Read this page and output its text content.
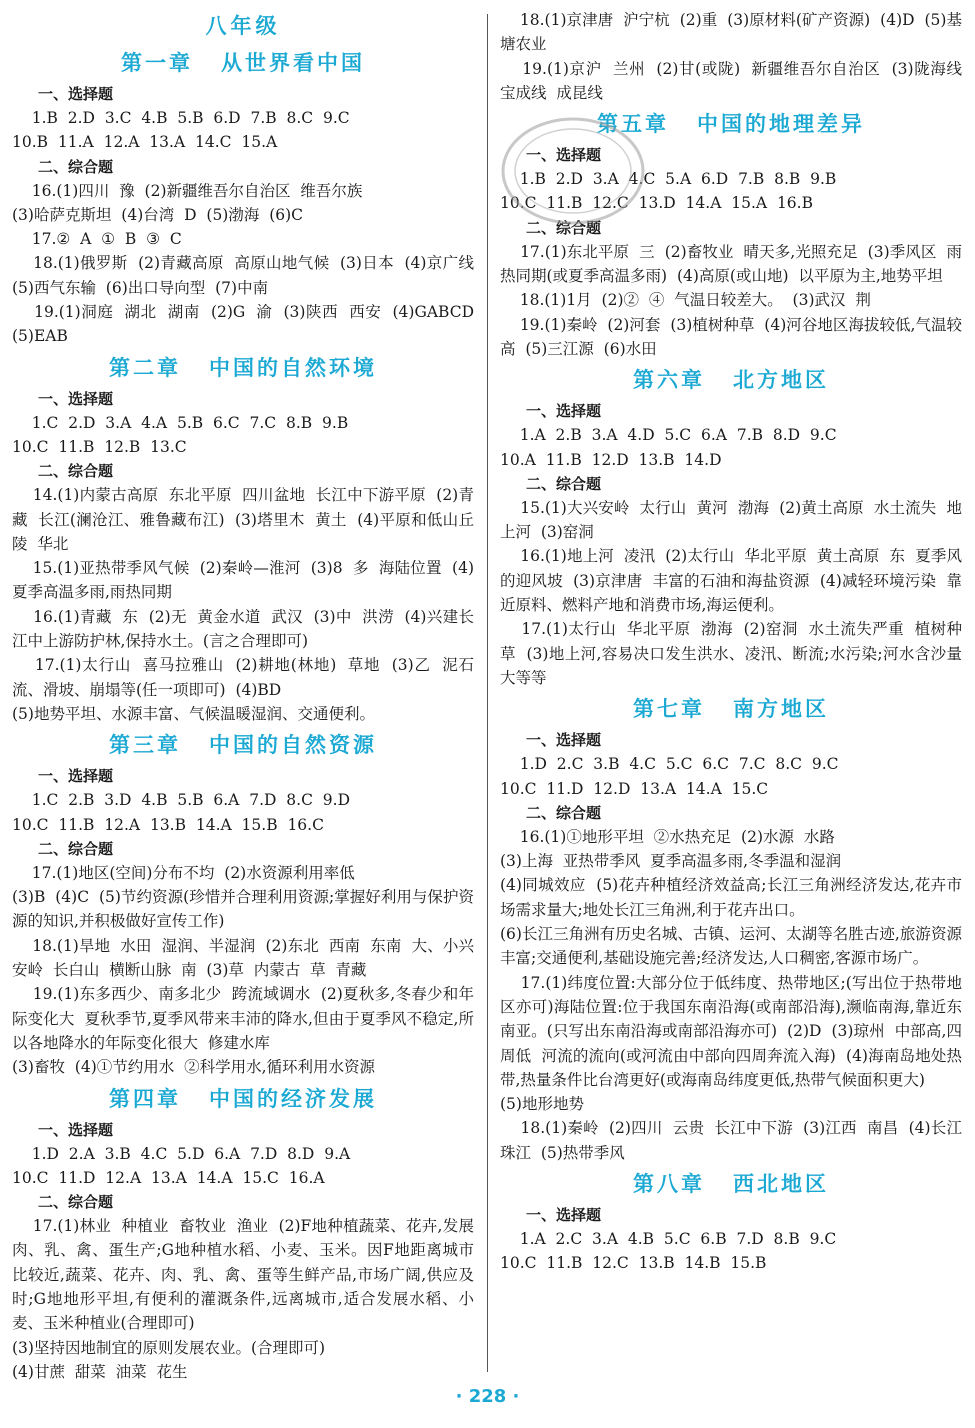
八年级
第一章 从世界看中国
一、选择题
1.B  2.D  3.C  4.B  5.B  6.D  7.B  8.C  9.C
10.B  11.A  12.A  13.A  14.C  15.A
二、综合题
16.(1)四川  豫  (2)新疆维吾尔自治区  维吾尔族
(3)哈萨克斯坦  (4)台湾  D  (5)渤海  (6)C
17.②  A  ①  B  ③  C
18.(1)俄罗斯  (2)青藏高原  高原山地气候  (3)日本  (4)京广线  (5)西气东输  (6)出口导向型  (7)中南
19.(1)洞庭  湖北  湖南  (2)G  渝  (3)陕西  西安  (4)GABCD  (5)EAB
第二章 中国的自然环境
一、选择题
1.C  2.D  3.A  4.A  5.B  6.C  7.C  8.B  9.B
10.C  11.B  12.B  13.C
二、综合题
14.(1)内蒙古高原  东北平原  四川盆地  长江中下游平原  (2)青藏  长江(澜沧江、雅鲁藏布江)  (3)塔里木  黄土  (4)平原和低山丘陵  华北
15.(1)亚热带季风气候  (2)秦岭—淮河  (3)8  多  海陆位置  (4)夏季高温多雨,雨热同期
16.(1)青藏  东  (2)无  黄金水道  武汉  (3)中  洪涝  (4)兴建长江中上游防护林,保持水土。(言之合理即可)
17.(1)太行山  喜马拉雅山  (2)耕地(林地)  草地  (3)乙  泥石流、滑坡、崩塌等(任一项即可)  (4)BD
(5)地势平坦、水源丰富、气候温暖湿润、交通便利。
第三章 中国的自然资源
一、选择题
1.C  2.B  3.D  4.B  5.B  6.A  7.D  8.C  9.D
10.C  11.B  12.A  13.B  14.A  15.B  16.C
二、综合题
17.(1)地区(空间)分布不均  (2)水资源利用率低
(3)B  (4)C  (5)节约资源(珍惜并合理利用资源;掌握好利用与保护资源的知识,并积极做好宣传工作)
18.(1)旱地  水田  湿润、半湿润  (2)东北  西南  东南  大、小兴安岭  长白山  横断山脉  南  (3)草  内蒙古  草  青藏
19.(1)东多西少、南多北少  跨流域调水  (2)夏秋多,冬春少和年际变化大  夏秋季节,夏季风带来丰沛的降水,但由于夏季风不稳定,所以各地降水的年际变化很大  修建水库
(3)畜牧  (4)①节约用水  ②科学用水,循环利用水资源
第四章 中国的经济发展
一、选择题
1.D  2.A  3.B  4.C  5.D  6.A  7.D  8.D  9.A
10.C  11.D  12.A  13.A  14.A  15.C  16.A
二、综合题
17.(1)林业  种植业  畜牧业  渔业  (2)F地种植蔬菜、花卉,发展肉、乳、禽、蛋生产;G地种植水稻、小麦、玉米。因F地距离城市比较近,蔬菜、花卉、肉、乳、禽、蛋等生鲜产品,市场广阔,供应及时;G地地形平坦,有便利的灌溉条件,远离城市,适合发展水稻、小麦、玉米种植业(合理即可)
(3)坚持因地制宜的原则发展农业。(合理即可)
(4)甘蔗  甜菜  油菜  花生
18.(1)京津唐  沪宁杭  (2)重  (3)原材料(矿产资源)  (4)D  (5)基塘农业
19.(1)京沪  兰州  (2)甘(或陇)  新疆维吾尔自治区  (3)陇海线  宝成线  成昆线
第五章 中国的地理差异
一、选择题
1.B  2.D  3.A  4.C  5.A  6.D  7.B  8.B  9.B
10.C  11.B  12.C  13.D  14.A  15.A  16.B
二、综合题
17.(1)东北平原  三  (2)畜牧业  晴天多,光照充足  (3)季风区  雨热同期(或夏季高温多雨)  (4)高原(或山地)  以平原为主,地势平坦
18.(1)1月  (2)②  ④  气温日较差大。  (3)武汉  荆
19.(1)秦岭  (2)河套  (3)植树种草  (4)河谷地区海拔较低,气温较高  (5)三江源  (6)水田
第六章 北方地区
一、选择题
1.A  2.B  3.A  4.D  5.C  6.A  7.B  8.D  9.C
10.A  11.B  12.D  13.B  14.D
二、综合题
15.(1)大兴安岭  太行山  黄河  渤海  (2)黄土高原  水土流失  地上河  (3)窑洞
16.(1)地上河  凌汛  (2)太行山  华北平原  黄土高原  东  夏季风的迎风坡  (3)京津唐  丰富的石油和海盐资源  (4)减轻环境污染  靠近原料、燃料产地和消费市场,海运便利。
17.(1)太行山  华北平原  渤海  (2)窑洞  水土流失严重  植树种草  (3)地上河,容易决口发生洪水、凌汛、断流;水污染;河水含沙量大等等
第七章 南方地区
一、选择题
1.D  2.C  3.B  4.C  5.C  6.C  7.C  8.C  9.C
10.C  11.D  12.D  13.A  14.A  15.C
二、综合题
16.(1)①地形平坦  ②水热充足  (2)水源  水路
(3)上海  亚热带季风  夏季高温多雨,冬季温和湿润
(4)同城效应  (5)花卉种植经济效益高;长江三角洲经济发达,花卉市场需求量大;地处长江三角洲,利于花卉出口。
(6)长江三角洲有历史名城、古镇、运河、太湖等名胜古迹,旅游资源丰富;交通便利,基础设施完善;经济发达,人口稠密,客源市场广。
17.(1)纬度位置:大部分位于低纬度、热带地区;(写出位于热带地区亦可)海陆位置:位于我国东南沿海(或南部沿海),濒临南海,靠近东南亚。(只写出东南沿海或南部沿海亦可)  (2)D  (3)琼州  中部高,四周低  河流的流向(或河流由中部向四周奔流入海)  (4)海南岛地处热带,热量条件比台湾更好(或海南岛纬度更低,热带气候面积更大)
(5)地形地势
18.(1)秦岭  (2)四川  云贵  长江中下游  (3)江西  南昌  (4)长江  珠江  (5)热带季风
第八章 西北地区
一、选择题
1.A  2.C  3.A  4.B  5.C  6.B  7.D  8.B  9.C
10.C  11.B  12.C  13.B  14.B  15.B
· 228 ·
